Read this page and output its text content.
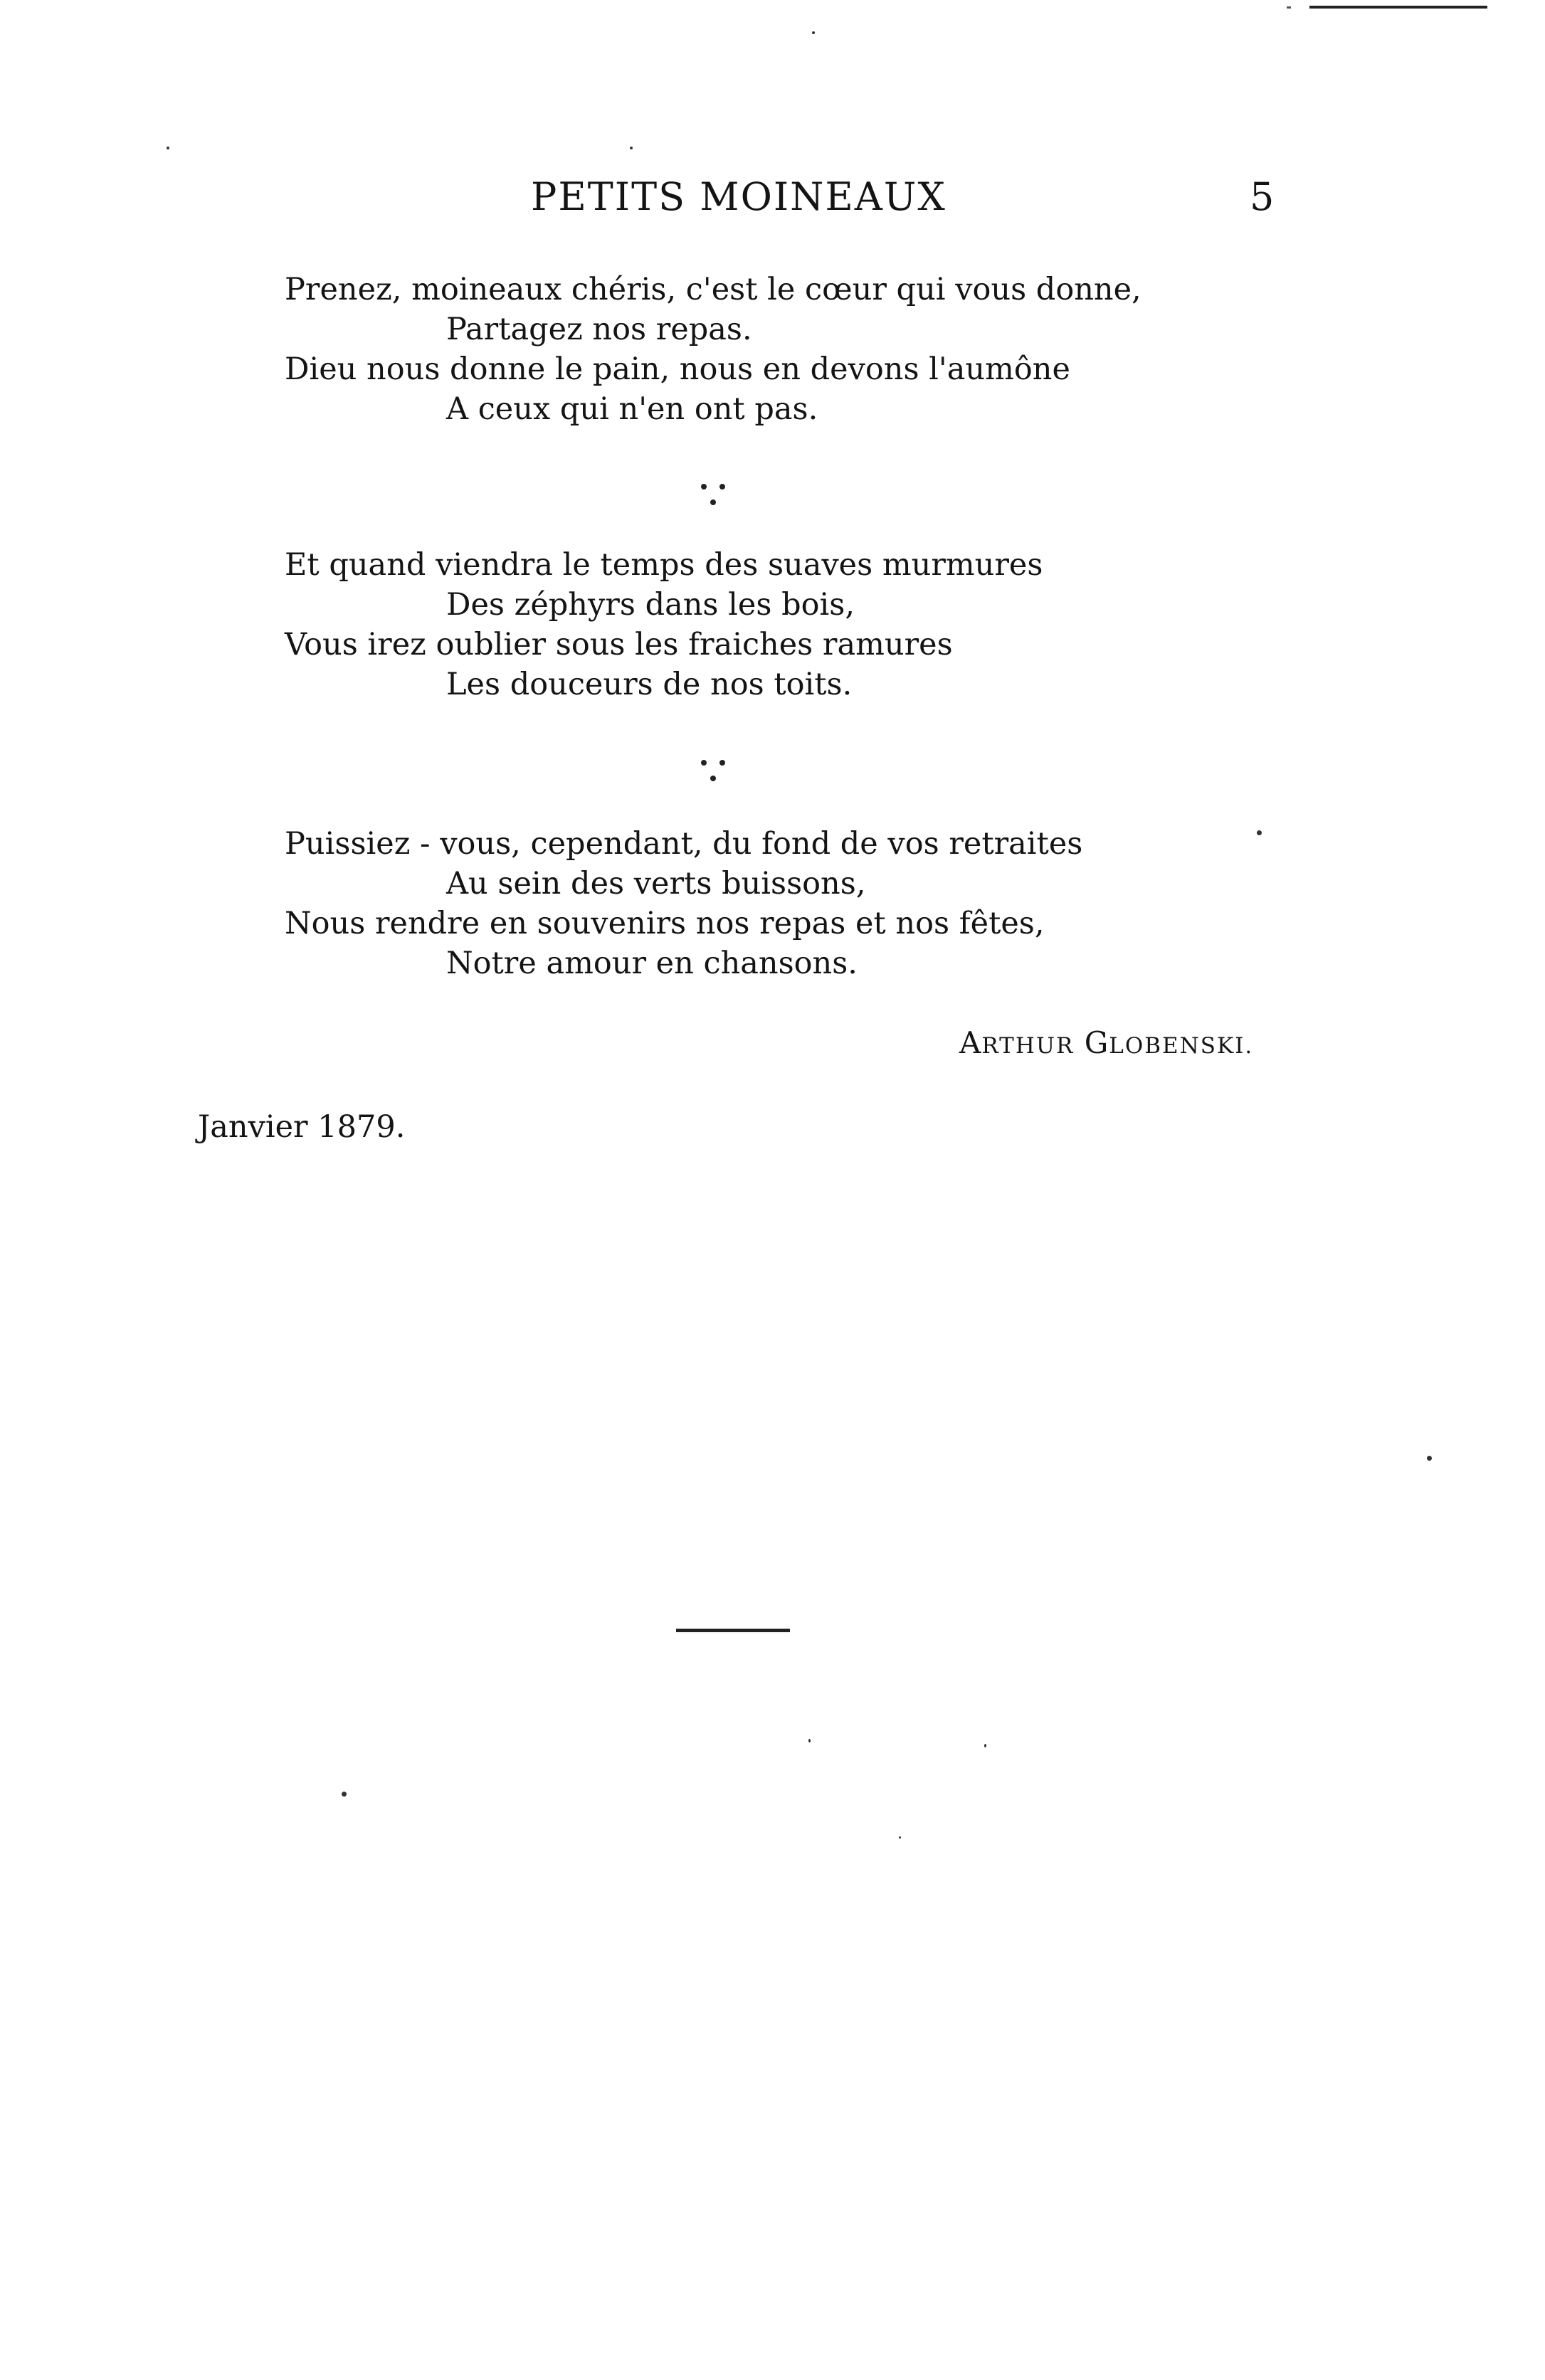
PETITS MOINEAUX	5
Prenez, moineaux chéris, c'est le cœur qui vous donne,
Partagez nos repas.
Dieu nous donne le pain, nous en devons l'aumône
A ceux qui n'en ont pas.
Et quand viendra le temps des suaves murmures
Des zéphyrs dans les bois,
Vous irez oublier sous les fraiches ramures
Les douceurs de nos toits.
Puissiez - vous, cependant, du fond de vos retraites
Au sein des verts buissons,
Nous rendre en souvenirs nos repas et nos fêtes,
Notre amour en chansons.
ARTHUR GLOBENSKI.
Janvier 1879.
